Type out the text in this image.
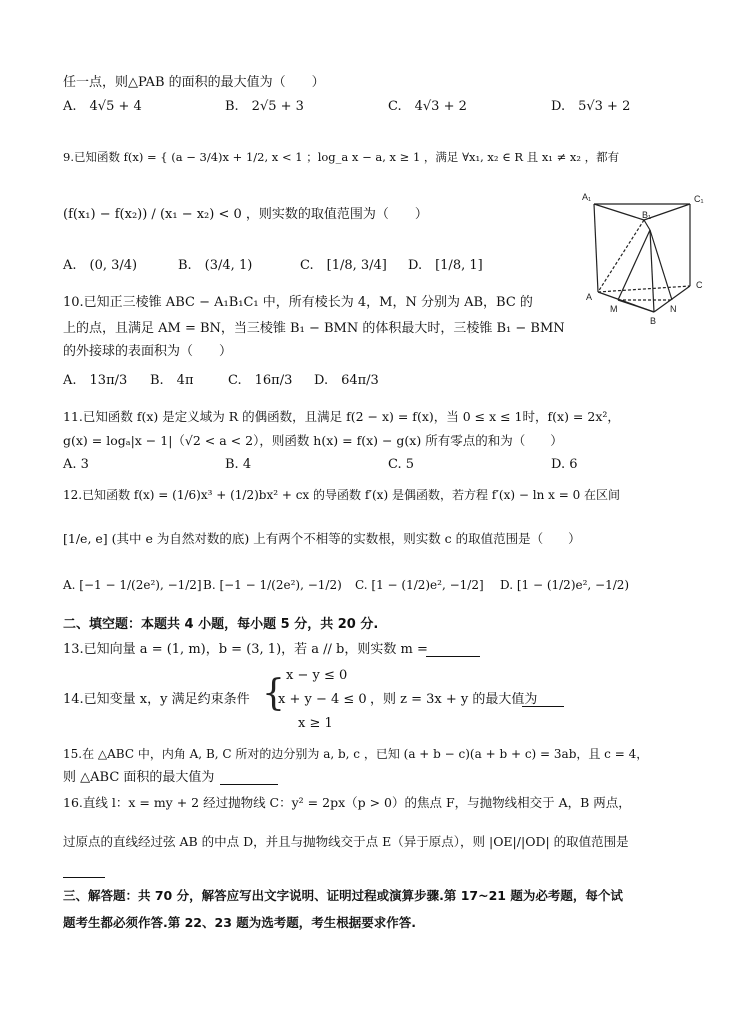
任一点，则△PAB 的面积的最大值为（　　）
A.　4√5 + 4	B.　2√5 + 3	C.　4√3 + 2	D.　5√3 + 2
9.已知函数 f(x) = { (a − 3/4)x + 1/2, x < 1 ；log_a x − a, x ≥ 1 ，满足 ∀x₁, x₂ ∈ R 且 x₁ ≠ x₂ ，都有
(f(x₁) − f(x₂)) / (x₁ − x₂) < 0 ，则实数的取值范围为（　　）
A.　(0, 3/4)	B.　(3/4, 1)	C.　[1/8, 3/4] D.　[1/8, 1]
A₁	C₁
B₁
A
C
M	N
B
10.已知正三棱锥 ABC − A₁B₁C₁ 中，所有棱长为 4，M，N 分别为 AB，BC 的
上的点，且满足 AM = BN，当三棱锥 B₁ − BMN 的体积最大时，三棱锥 B₁ − BMN
的外接球的表面积为（　　）
A.　13π/3 B.　4π	C.　16π/3 D.　64π/3
11.已知函数 f(x) 是定义域为 R 的偶函数，且满足 f(2 − x) = f(x)，当 0 ≤ x ≤ 1时，f(x) = 2x²，
g(x) = logₐ|x − 1|（√2 < a < 2），则函数 h(x) = f(x) − g(x) 所有零点的和为（　　）
A. 3	B. 4	C. 5	D. 6
12.已知函数 f(x) = (1/6)x³ + (1/2)bx² + cx 的导函数 f′(x) 是偶函数，若方程 f′(x) − ln x = 0 在区间
[1/e, e] (其中 e 为自然对数的底) 上有两个不相等的实数根，则实数 c 的取值范围是（　　）
A. [−1 − 1/(2e²), −1/2] B. [−1 − 1/(2e²), −1/2) C. [1 − (1/2)e², −1/2] D. [1 − (1/2)e², −1/2)
二、填空题：本题共 4 小题，每小题 5 分，共 20 分.
13.已知向量 a = (1, m)，b = (3, 1)，若 a // b，则实数 m =
14.已知变量 x，y 满足约束条件 { x − y ≤ 0
x + y − 4 ≤ 0
x ≥ 1
，则 z = 3x + y 的最大值为
15.在 △ABC 中，内角 A, B, C 所对的边分别为 a, b, c ，已知 (a + b − c)(a + b + c) = 3ab，且 c = 4，
则 △ABC 面积的最大值为
16.直线 l：x = my + 2 经过抛物线 C：y² = 2px（p > 0）的焦点 F，与抛物线相交于 A，B 两点，
过原点的直线经过弦 AB 的中点 D，并且与抛物线交于点 E（异于原点），则 |OE|/|OD| 的取值范围是
三、解答题：共 70 分，解答应写出文字说明、证明过程或演算步骤.第 17~21 题为必考题，每个试
题考生都必须作答.第 22、23 题为选考题，考生根据要求作答.
